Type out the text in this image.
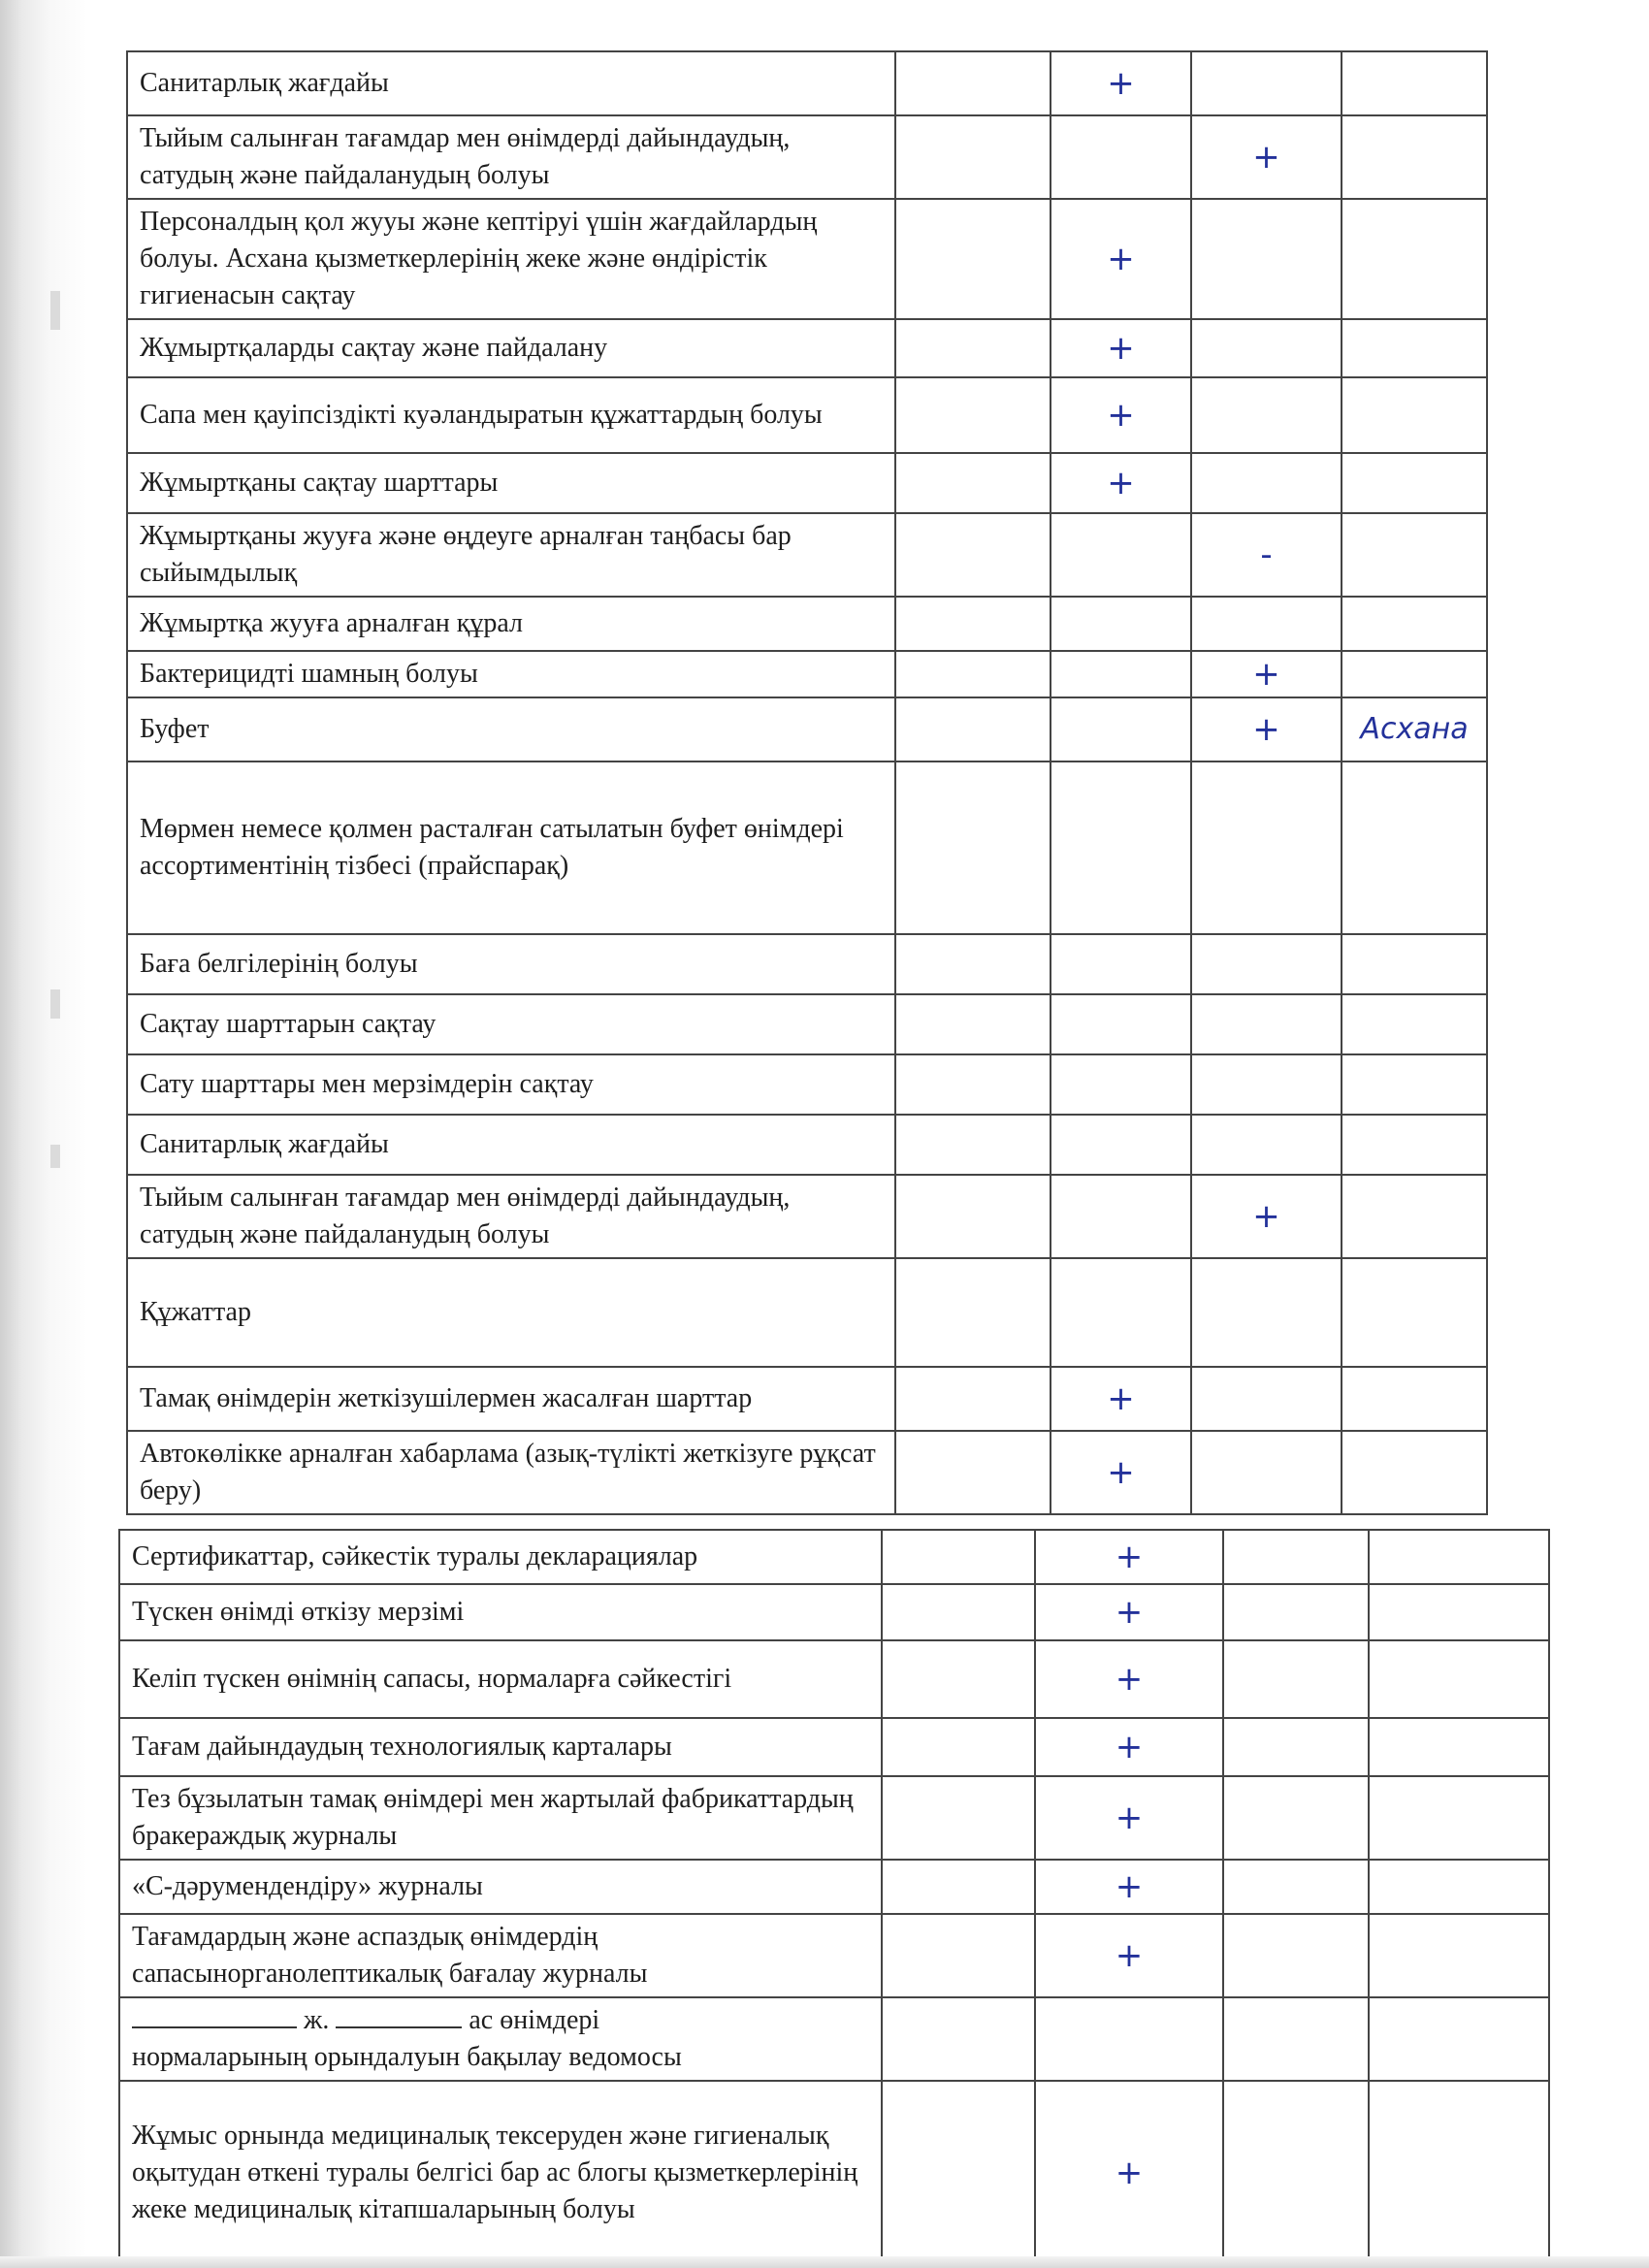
Санитарлық жағдайы		+		

Тыйым салынған тағамдар мен өнімдерді дайындаудың, сатудың және пайдаланудың болуы			+	

Персоналдың қол жууы және кептіруі үшін жағдайлардың болуы. Асхана қызметкерлерінің жеке және өндірістік гигиенасын сақтау		+		

Жұмыртқаларды сақтау және пайдалану		+		

Сапа мен қауіпсіздікті куәландыратын құжаттардың болуы		+		

Жұмыртқаны сақтау шарттары		+		

Жұмыртқаны жууға және өңдеуге арналған таңбасы бар сыйымдылық			-	

Жұмыртқа жууға арналған құрал	

Бактерицидті шамның болуы			+	

Буфет			+	Асхана

Мөрмен немесе қолмен расталған сатылатын буфет өнімдері ассортиментінің тізбесі (прайспарақ)	

Баға белгілерінің болуы	

Сақтау шарттарын сақтау	

Сату шарттары мен мерзімдерін сақтау	

Санитарлық жағдайы	

Тыйым салынған тағамдар мен өнімдерді дайындаудың, сатудың және пайдаланудың болуы			+	

Құжаттар	

Тамақ өнімдерін жеткізушілермен жасалған шарттар		+		

Автокөлікке арналған хабарлама (азық-түлікті жеткізуге рұқсат беру)		+		

Сертификаттар, сәйкестік туралы декларациялар		+		

Түскен өнімді өткізу мерзімі		+		

Келіп түскен өнімнің сапасы, нормаларға сәйкестігі		+		

Тағам дайындаудың технологиялық карталары		+		

Тез бұзылатын тамақ өнімдері мен жартылай фабрикаттардың бракераждық журналы		+		

«С-дәрумендендіру» журналы		+		

Тағамдардың және аспаздық өнімдердің сапасынорганолептикалық бағалау журналы		+		

ж. ас өнімдері
нормаларының орындалуын бақылау ведомосы	

Жұмыс орнында медициналық тексеруден және гигиеналық оқытудан өткені туралы белгісі бар ас блогы қызметкерлерінің жеке медициналық кітапшаларының болуы		+		
